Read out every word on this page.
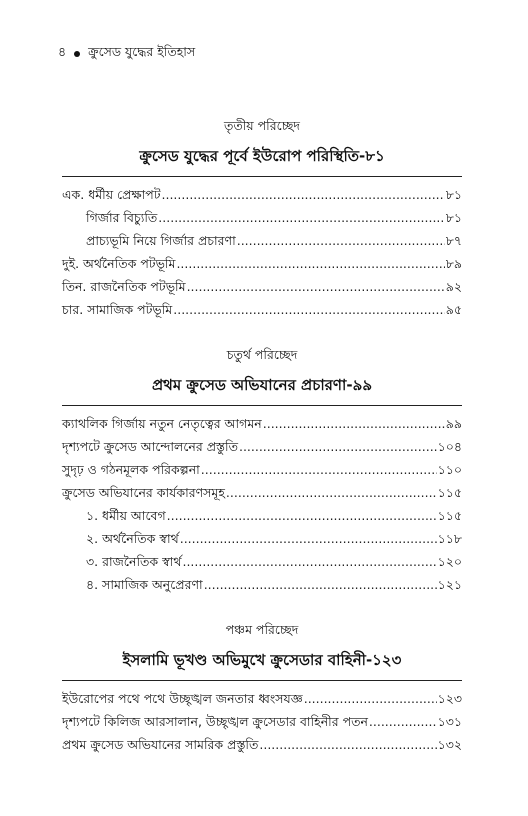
৪ ক্রুসেড যুদ্ধের ইতিহাস
তৃতীয় পরিচ্ছেদ
ক্রুসেড যুদ্ধের পূর্বে ইউরোপ পরিস্থিতি-৮১
এক. ধর্মীয় প্রেক্ষাপট .....	৮১
গির্জার বিচ্যুতি .....	৮১
প্রাচ্যভূমি নিয়ে গির্জার প্রচারণা .....	৮৭
দুই. অর্থনৈতিক পটভূমি .....	৮৯
তিন. রাজনৈতিক পটভূমি .....	৯২
চার. সামাজিক পটভূমি .....	৯৫
চতুর্থ পরিচ্ছেদ
প্রথম ক্রুসেড অভিযানের প্রচারণা-৯৯
ক্যাথলিক গির্জায় নতুন নেতৃত্বের আগমন .....	৯৯
দৃশ্যপটে ক্রুসেড আন্দোলনের প্রস্তুতি .....	১০৪
সুদৃঢ় ও গঠনমূলক পরিকল্পনা .....	১১০
ক্রুসেড অভিযানের কার্যকারণসমূহ .....	১১৫
১. ধর্মীয় আবেগ .....	১১৫
২. অর্থনৈতিক স্বার্থ .....	১১৮
৩. রাজনৈতিক স্বার্থ .....	১২০
৪. সামাজিক অনুপ্রেরণা .....	১২১
পঞ্চম পরিচ্ছেদ
ইসলামি ভূখণ্ড অভিমুখে ক্রুসেডার বাহিনী-১২৩
ইউরোপের পথে পথে উচ্ছৃঙ্খল জনতার ধ্বংসযজ্ঞ .....	১২৩
দৃশ্যপটে কিলিজ আরসালান, উচ্ছৃঙ্খল ক্রুসেডার বাহিনীর পতন .....	১৩১
প্রথম ক্রুসেড অভিযানের সামরিক প্রস্তুতি .....	১৩২
